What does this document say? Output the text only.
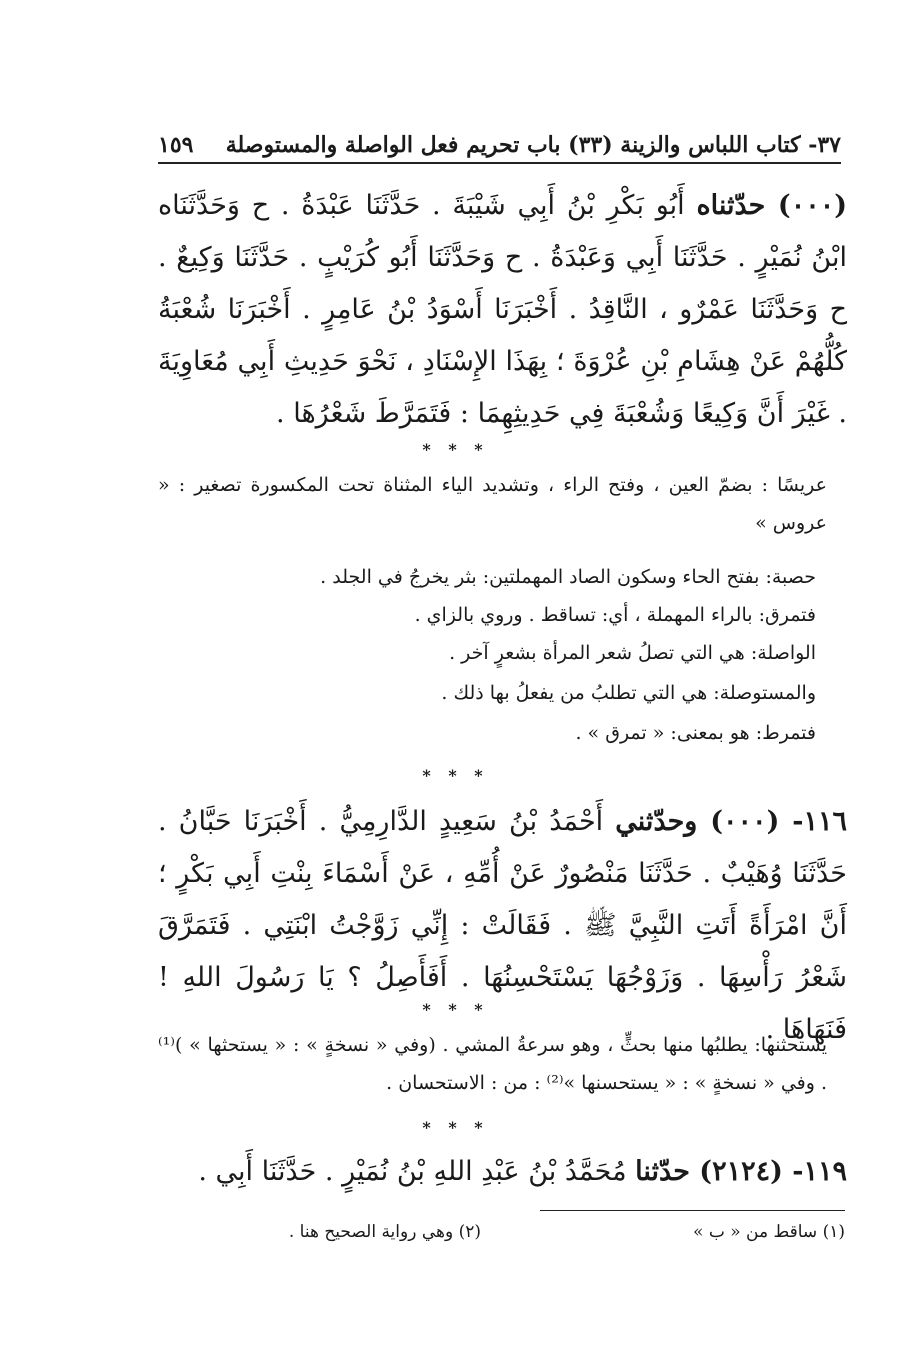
٣٧- كتاب اللباس والزينة (٣٣) باب تحريم فعل الواصلة والمستوصلة
١٥٩
(٠٠٠) حدّثناه أَبُو بَكْرِ بْنُ أَبِي شَيْبَةَ . حَدَّثَنَا عَبْدَةُ . ح وَحَدَّثَنَاه ابْنُ نُمَيْرٍ . حَدَّثَنَا أَبِي وَعَبْدَةُ . ح وَحَدَّثَنَا أَبُو كُرَيْبٍ . حَدَّثَنَا وَكِيعٌ . ح وَحَدَّثَنَا عَمْرٌو ، النَّاقِدُ . أَخْبَرَنَا أَسْوَدُ بْنُ عَامِرٍ . أَخْبَرَنَا شُعْبَةُ كُلُّهُمْ عَنْ هِشَامِ بْنِ عُرْوَةَ ؛ بِهَذَا الإِسْنَادِ ، نَحْوَ حَدِيثِ أَبِي مُعَاوِيَةَ . غَيْرَ أَنَّ وَكِيعًا وَشُعْبَةَ فِي حَدِيثِهِمَا : فَتَمَرَّطَ شَعْرُهَا .
* * *
عريسًا : بضمّ العين ، وفتح الراء ، وتشديد الياء المثناة تحت المكسورة تصغير : « عروس »
حصبة: بفتح الحاء وسكون الصاد المهملتين: بثر يخرجُ في الجلد .
فتمرق: بالراء المهملة ، أي: تساقط . وروي بالزاي .
الواصلة: هي التي تصلُ شعر المرأة بشعرٍ آخر .
والمستوصلة: هي التي تطلبُ من يفعلُ بها ذلك .
فتمرط: هو بمعنى: « تمرق » .
* * *
١١٦- (٠٠٠) وحدّثني أَحْمَدُ بْنُ سَعِيدٍ الدَّارِمِيُّ . أَخْبَرَنَا حَبَّانُ . حَدَّثَنَا وُهَيْبٌ . حَدَّثَنَا مَنْصُورٌ عَنْ أُمِّهِ ، عَنْ أَسْمَاءَ بِنْتِ أَبِي بَكْرٍ ؛ أَنَّ امْرَأَةً أَتَتِ النَّبِيَّ ﷺ . فَقَالَتْ : إِنِّي زَوَّجْتُ ابْنَتِي . فَتَمَرَّقَ شَعْرُ رَأْسِهَا . وَزَوْجُهَا يَسْتَحْسِنُهَا . أَفَأَصِلُ ؟ يَا رَسُولَ اللهِ ! فَنَهَاهَا .
* * *
يستحثنها: يطلبُها منها بحثٍّ ، وهو سرعةُ المشي . (وفي « نسخةٍ » : « يستحثها » )⁽¹⁾ . وفي « نسخةٍ » : « يستحسنها »⁽²⁾ : من : الاستحسان .
* * *
١١٩- (٢١٢٤) حدّثنا مُحَمَّدُ بْنُ عَبْدِ اللهِ بْنُ نُمَيْرٍ . حَدَّثَنَا أَبِي .
(١) ساقط من « ب »
(٢) وهي رواية الصحيح هنا .
